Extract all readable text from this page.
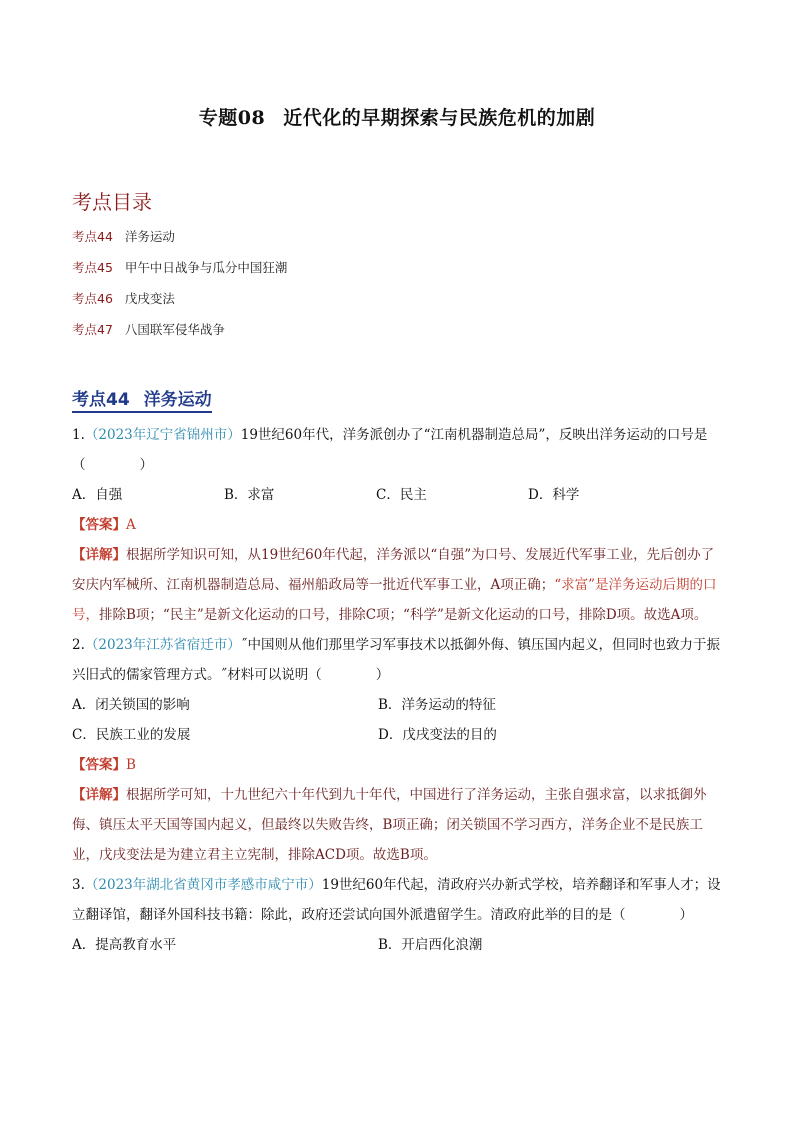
专题08 近代化的早期探索与民族危机的加剧
考点目录
考点44 洋务运动
考点45 甲午中日战争与瓜分中国狂潮
考点46 戊戌变法
考点47 八国联军侵华战争
考点44 洋务运动

1.（2023年辽宁省锦州市）19世纪60年代，洋务派创办了“江南机器制造总局”，反映出洋务运动的口号是（　　　　）

A．自强	B．求富	C．民主	D．科学

【答案】A

【详解】根据所学知识可知，从19世纪60年代起，洋务派以“自强”为口号、发展近代军事工业，先后创办了安庆内军械所、江南机器制造总局、福州船政局等一批近代军事工业，A项正确；“求富”是洋务运动后期的口号，排除B项；“民主”是新文化运动的口号，排除C项；“科学”是新文化运动的口号，排除D项。故选A项。

2.（2023年江苏省宿迁市）˝中国则从他们那里学习军事技术以抵御外侮、镇压国内起义，但同时也致力于振兴旧式的儒家管理方式。˝材料可以说明（　　　　）

A．闭关锁国的影响	B．洋务运动的特征
C．民族工业的发展	D．戊戌变法的目的

【答案】B

【详解】根据所学可知，十九世纪六十年代到九十年代，中国进行了洋务运动，主张自强求富，以求抵御外侮、镇压太平天国等国内起义，但最终以失败告终，B项正确；闭关锁国不学习西方，洋务企业不是民族工业，戊戌变法是为建立君主立宪制，排除ACD项。故选B项。

3.（2023年湖北省黄冈市孝感市咸宁市）19世纪60年代起，清政府兴办新式学校，培养翻译和军事人才；设立翻译馆，翻译外国科技书籍：除此，政府还尝试向国外派遣留学生。清政府此举的目的是（　　　　）

A．提高教育水平	B．开启西化浪潮
